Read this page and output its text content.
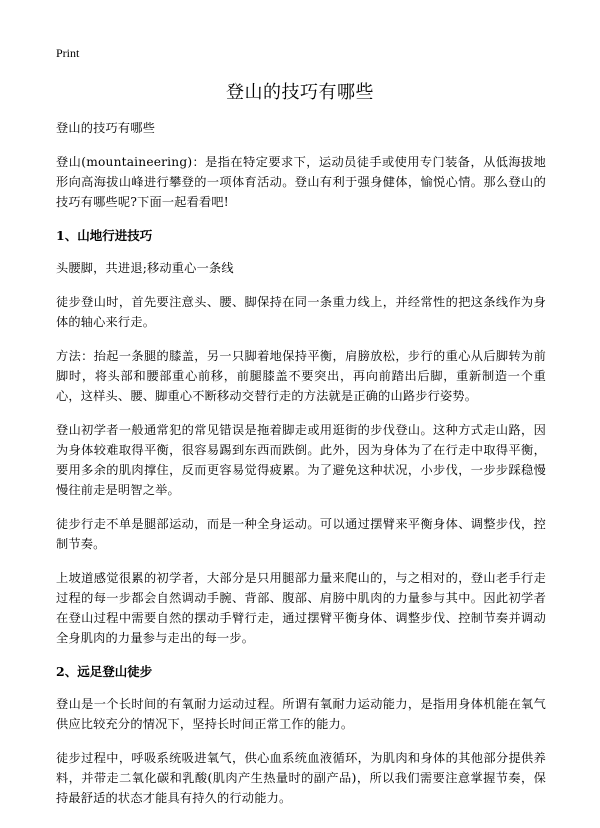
Print
登山的技巧有哪些

登山的技巧有哪些

登山(mountaineering)：是指在特定要求下，运动员徒手或使用专门装备，从低海拔地形向高海拔山峰进行攀登的一项体育活动。登山有利于强身健体，愉悦心情。那么登山的技巧有哪些呢?下面一起看看吧!

1、山地行进技巧

头腰脚，共进退;移动重心一条线

徒步登山时，首先要注意头、腰、脚保持在同一条重力线上，并经常性的把这条线作为身体的轴心来行走。

方法：抬起一条腿的膝盖，另一只脚着地保持平衡，肩膀放松，步行的重心从后脚转为前脚时，将头部和腰部重心前移，前腿膝盖不要突出，再向前踏出后脚，重新制造一个重心，这样头、腰、脚重心不断移动交替行走的方法就是正确的山路步行姿势。

登山初学者一般通常犯的常见错误是拖着脚走或用逛街的步伐登山。这种方式走山路，因为身体较难取得平衡，很容易踢到东西而跌倒。此外，因为身体为了在行走中取得平衡，要用多余的肌肉撑住，反而更容易觉得疲累。为了避免这种状况，小步伐，一步步踩稳慢慢往前走是明智之举。

徒步行走不单是腿部运动，而是一种全身运动。可以通过摆臂来平衡身体、调整步伐，控制节奏。

上坡道感觉很累的初学者，大部分是只用腿部力量来爬山的，与之相对的，登山老手行走过程的每一步都会自然调动手腕、背部、腹部、肩膀中肌肉的力量参与其中。因此初学者在登山过程中需要自然的摆动手臂行走，通过摆臂平衡身体、调整步伐、控制节奏并调动全身肌肉的力量参与走出的每一步。

2、远足登山徒步

登山是一个长时间的有氧耐力运动过程。所谓有氧耐力运动能力，是指用身体机能在氧气供应比较充分的情况下，坚持长时间正常工作的能力。

徒步过程中，呼吸系统吸进氧气，供心血系统血液循环，为肌肉和身体的其他部分提供养料，并带走二氧化碳和乳酸(肌肉产生热量时的副产品)，所以我们需要注意掌握节奏，保持最舒适的状态才能具有持久的行动能力。
